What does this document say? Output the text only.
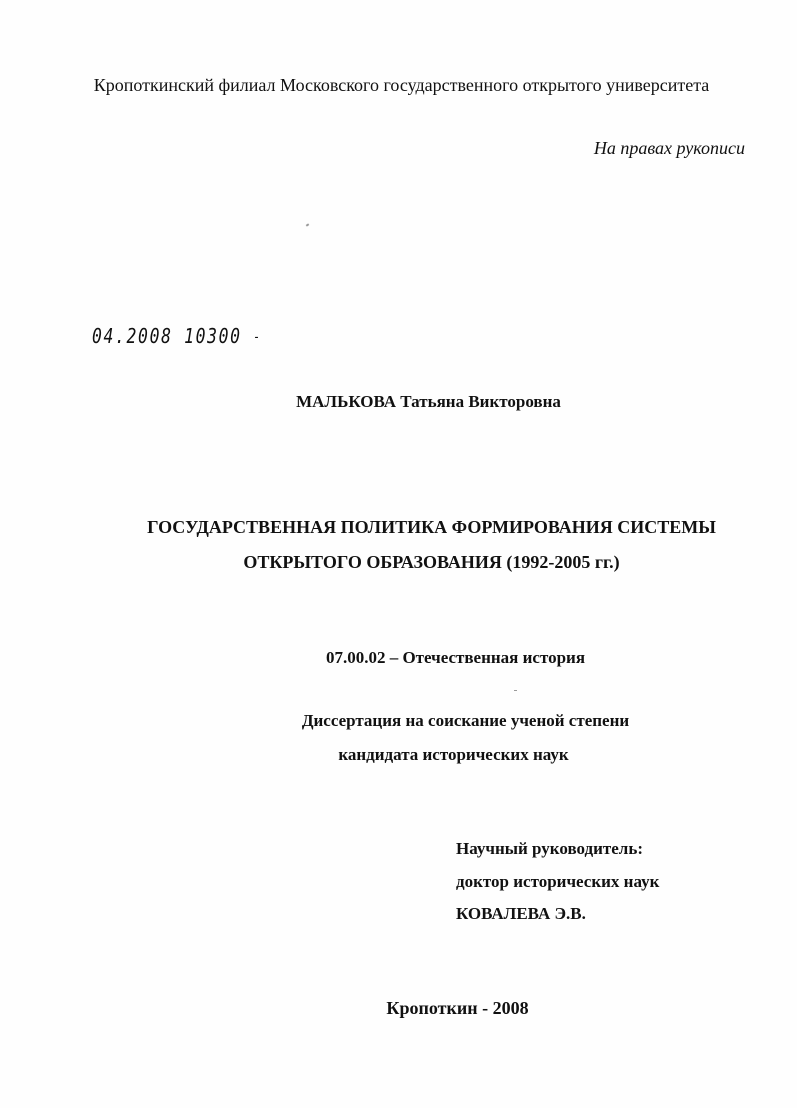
Кропоткинский филиал Московского государственного открытого университета
На правах рукописи
04.2008 10300 -
МАЛЬКОВА Татьяна Викторовна
ГОСУДАРСТВЕННАЯ ПОЛИТИКА ФОРМИРОВАНИЯ СИСТЕМЫ
ОТКРЫТОГО ОБРАЗОВАНИЯ (1992-2005 гг.)
07.00.02 – Отечественная история
Диссертация на соискание ученой степени
кандидата исторических наук
Научный руководитель:
доктор исторических наук
КОВАЛЕВА Э.В.
Кропоткин - 2008
